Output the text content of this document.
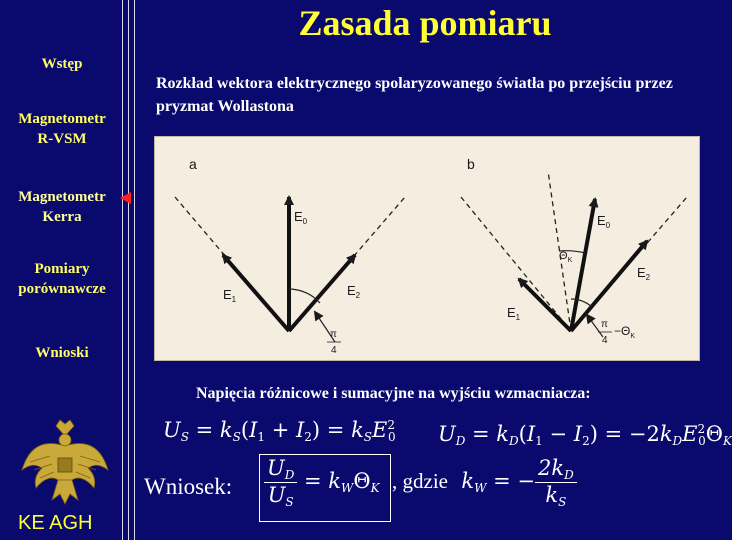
Wstęp
Magnetometr
R-VSM
Magnetometr
Kerra
Pomiary
porównawcze
Wnioski
Zasada pomiaru
Rozkład wektora elektrycznego spolaryzowanego światła po przejściu przez pryzmat Wollastona
a
$E_0$
$E_1$
$E_2$
π
4
b
$E_0$
$E_1$
$E_2$
$\Theta_K$
π
4
$-\Theta_K$
Napięcia różnicowe i sumacyjne na wyjściu wzmacniacza:
$U_S = k_S(I_1 + I_2) = k_SE^2_0$ $U_D = k_D(I_1 - I_2) = -2k_DE^2_0\Theta_K$
Wniosek: $\frac{U_D}{U_S} = k_W\Theta_K$ , gdzie $k_W$ = − $\frac{2k_D}{k_S}$
KE AGH
